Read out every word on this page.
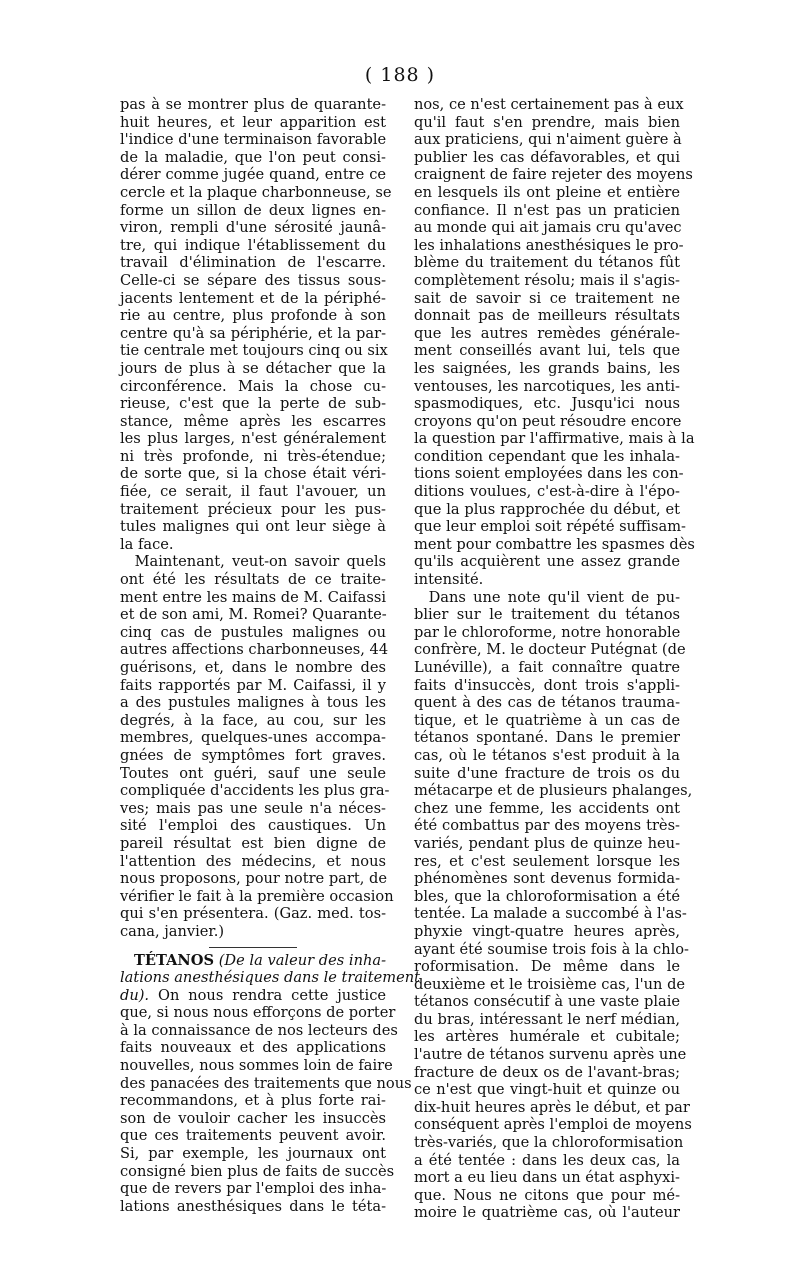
( 188 )
pas à se montrer plus de quarante-
huit heures, et leur apparition est
l'indice d'une terminaison favorable
de la maladie, que l'on peut consi-
dérer comme jugée quand, entre ce
cercle et la plaque charbonneuse, se
forme un sillon de deux lignes en-
viron, rempli d'une sérosité jaunâ-
tre, qui indique l'établissement du
travail d'élimination de l'escarre.
Celle-ci se sépare des tissus sous-
jacents lentement et de la périphé-
rie au centre, plus profonde à son
centre qu'à sa périphérie, et la par-
tie centrale met toujours cinq ou six
jours de plus à se détacher que la
circonférence. Mais la chose cu-
rieuse, c'est que la perte de sub-
stance, même après les escarres
les plus larges, n'est généralement
ni très profonde, ni très-étendue;
de sorte que, si la chose était véri-
fiée, ce serait, il faut l'avouer, un
traitement précieux pour les pus-
tules malignes qui ont leur siège à
la face.
 Maintenant, veut-on savoir quels
ont été les résultats de ce traite-
ment entre les mains de M. Caifassi
et de son ami, M. Romei? Quarante-
cinq cas de pustules malignes ou
autres affections charbonneuses, 44
guérisons, et, dans le nombre des
faits rapportés par M. Caifassi, il y
a des pustules malignes à tous les
degrés, à la face, au cou, sur les
membres, quelques-unes accompa-
gnées de symptômes fort graves.
Toutes ont guéri, sauf une seule
compliquée d'accidents les plus gra-
ves; mais pas une seule n'a néces-
sité l'emploi des caustiques. Un
pareil résultat est bien digne de
l'attention des médecins, et nous
nous proposons, pour notre part, de
vérifier le fait à la première occasion
qui s'en présentera. (Gaz. med. tos-
cana, janvier.)
TÉTANOS (De la valeur des inha-
lations anesthésiques dans le traitement
du). On nous rendra cette justice
que, si nous nous efforçons de porter
à la connaissance de nos lecteurs des
faits nouveaux et des applications
nouvelles, nous sommes loin de faire
des panacées des traitements que nous
recommandons, et à plus forte rai-
son de vouloir cacher les insuccès
que ces traitements peuvent avoir.
Si, par exemple, les journaux ont
consigné bien plus de faits de succès
que de revers par l'emploi des inha-
lations anesthésiques dans le téta-
nos, ce n'est certainement pas à eux
qu'il faut s'en prendre, mais bien
aux praticiens, qui n'aiment guère à
publier les cas défavorables, et qui
craignent de faire rejeter des moyens
en lesquels ils ont pleine et entière
confiance. Il n'est pas un praticien
au monde qui ait jamais cru qu'avec
les inhalations anesthésiques le pro-
blème du traitement du tétanos fût
complètement résolu; mais il s'agis-
sait de savoir si ce traitement ne
donnait pas de meilleurs résultats
que les autres remèdes générale-
ment conseillés avant lui, tels que
les saignées, les grands bains, les
ventouses, les narcotiques, les anti-
spasmodiques, etc. Jusqu'ici nous
croyons qu'on peut résoudre encore
la question par l'affirmative, mais à la
condition cependant que les inhala-
tions soient employées dans les con-
ditions voulues, c'est-à-dire à l'épo-
que la plus rapprochée du début, et
que leur emploi soit répété suffisam-
ment pour combattre les spasmes dès
qu'ils acquièrent une assez grande
intensité.
 Dans une note qu'il vient de pu-
blier sur le traitement du tétanos
par le chloroforme, notre honorable
confrère, M. le docteur Putégnat (de
Lunéville), a fait connaître quatre
faits d'insuccès, dont trois s'appli-
quent à des cas de tétanos trauma-
tique, et le quatrième à un cas de
tétanos spontané. Dans le premier
cas, où le tétanos s'est produit à la
suite d'une fracture de trois os du
métacarpe et de plusieurs phalanges,
chez une femme, les accidents ont
été combattus par des moyens très-
variés, pendant plus de quinze heu-
res, et c'est seulement lorsque les
phénomènes sont devenus formida-
bles, que la chloroformisation a été
tentée. La malade a succombé à l'as-
phyxie vingt-quatre heures après,
ayant été soumise trois fois à la chlo-
roformisation. De même dans le
deuxième et le troisième cas, l'un de
tétanos consécutif à une vaste plaie
du bras, intéressant le nerf médian,
les artères humérale et cubitale;
l'autre de tétanos survenu après une
fracture de deux os de l'avant-bras;
ce n'est que vingt-huit et quinze ou
dix-huit heures après le début, et par
conséquent après l'emploi de moyens
très-variés, que la chloroformisation
a été tentée : dans les deux cas, la
mort a eu lieu dans un état asphyxi-
que. Nous ne citons que pour mé-
moire le quatrième cas, où l'auteur
